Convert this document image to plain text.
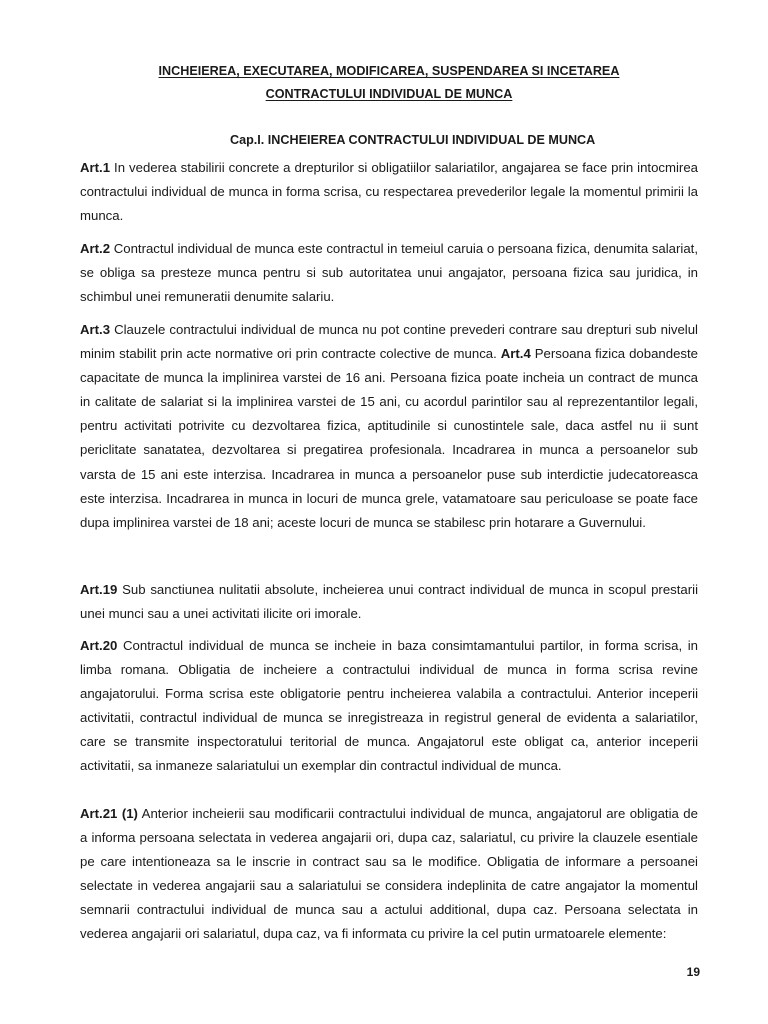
INCHEIEREA, EXECUTAREA, MODIFICAREA, SUSPENDAREA SI INCETAREA

CONTRACTULUI INDIVIDUAL DE MUNCA

Cap.I. INCHEIEREA CONTRACTULUI INDIVIDUAL DE MUNCA

Art.1 In vederea stabilirii concrete a drepturilor si obligatiilor salariatilor, angajarea se face prin intocmirea contractului individual de munca in forma scrisa, cu respectarea prevederilor legale la momentul primirii la munca.

Art.2 Contractul individual de munca este contractul in temeiul caruia o persoana fizica, denumita salariat, se obliga sa presteze munca pentru si sub autoritatea unui angajator, persoana fizica sau juridica, in schimbul unei remuneratii denumite salariu.

Art.3 Clauzele contractului individual de munca nu pot contine prevederi contrare sau drepturi sub nivelul minim stabilit prin acte normative ori prin contracte colective de munca. Art.4 Persoana fizica dobandeste capacitate de munca la implinirea varstei de 16 ani. Persoana fizica poate incheia un contract de munca in calitate de salariat si la implinirea varstei de 15 ani, cu acordul parintilor sau al reprezentantilor legali, pentru activitati potrivite cu dezvoltarea fizica, aptitudinile si cunostintele sale, daca astfel nu ii sunt periclitate sanatatea, dezvoltarea si pregatirea profesionala. Incadrarea in munca a persoanelor sub varsta de 15 ani este interzisa. Incadrarea in munca a persoanelor puse sub interdictie judecatoreasca este interzisa. Incadrarea in munca in locuri de munca grele, vatamatoare sau periculoase se poate face dupa implinirea varstei de 18 ani; aceste locuri de munca se stabilesc prin hotarare a Guvernului.

Art.19 Sub sanctiunea nulitatii absolute, incheierea unui contract individual de munca in scopul prestarii unei munci sau a unei activitati ilicite ori imorale.

Art.20 Contractul individual de munca se incheie in baza consimtamantului partilor, in forma scrisa, in limba romana. Obligatia de incheiere a contractului individual de munca in forma scrisa revine angajatorului. Forma scrisa este obligatorie pentru incheierea valabila a contractului. Anterior inceperii activitatii, contractul individual de munca se inregistreaza in registrul general de evidenta a salariatilor, care se transmite inspectoratului teritorial de munca. Angajatorul este obligat ca, anterior inceperii activitatii, sa inmaneze salariatului un exemplar din contractul individual de munca.

Art.21 (1) Anterior incheierii sau modificarii contractului individual de munca, angajatorul are obligatia de a informa persoana selectata in vederea angajarii ori, dupa caz, salariatul, cu privire la clauzele esentiale pe care intentioneaza sa le inscrie in contract sau sa le modifice. Obligatia de informare a persoanei selectate in vederea angajarii sau a salariatului se considera indeplinita de catre angajator la momentul semnarii contractului individual de munca sau a actului additional, dupa caz. Persoana selectata in vederea angajarii ori salariatul, dupa caz, va fi informata cu privire la cel putin urmatoarele elemente:

19
